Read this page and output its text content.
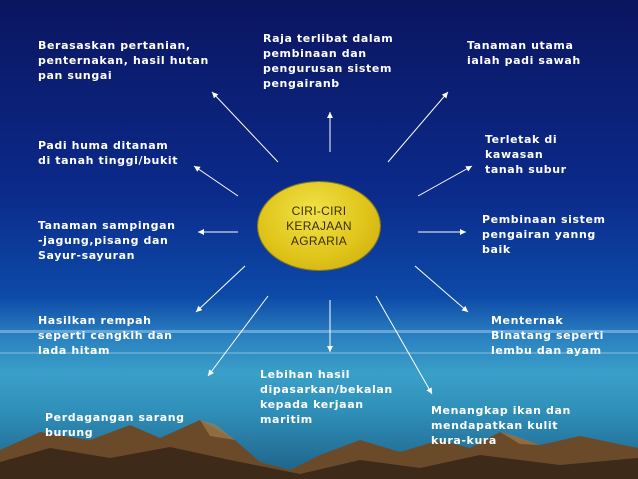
CIRI-CIRI
KERAJAAN
AGRARIA
Berasaskan pertanian,
penternakan, hasil hutan
pan sungai
Raja terlibat dalam
pembinaan dan
pengurusan sistem
pengairanb
Tanaman utama
ialah padi sawah
Padi huma ditanam
di tanah tinggi/bukit
Terletak di
kawasan
tanah subur
Tanaman sampingan
-jagung,pisang dan
Sayur-sayuran
Pembinaan sistem
pengairan yanng
baik
Hasilkan rempah
seperti cengkih dan
lada hitam
Menternak
Binatang seperti
lembu dan ayam
Lebihan hasil
dipasarkan/bekalan
kepada kerjaan
maritim
Perdagangan sarang
burung
Menangkap ikan dan
mendapatkan kulit
kura-kura
